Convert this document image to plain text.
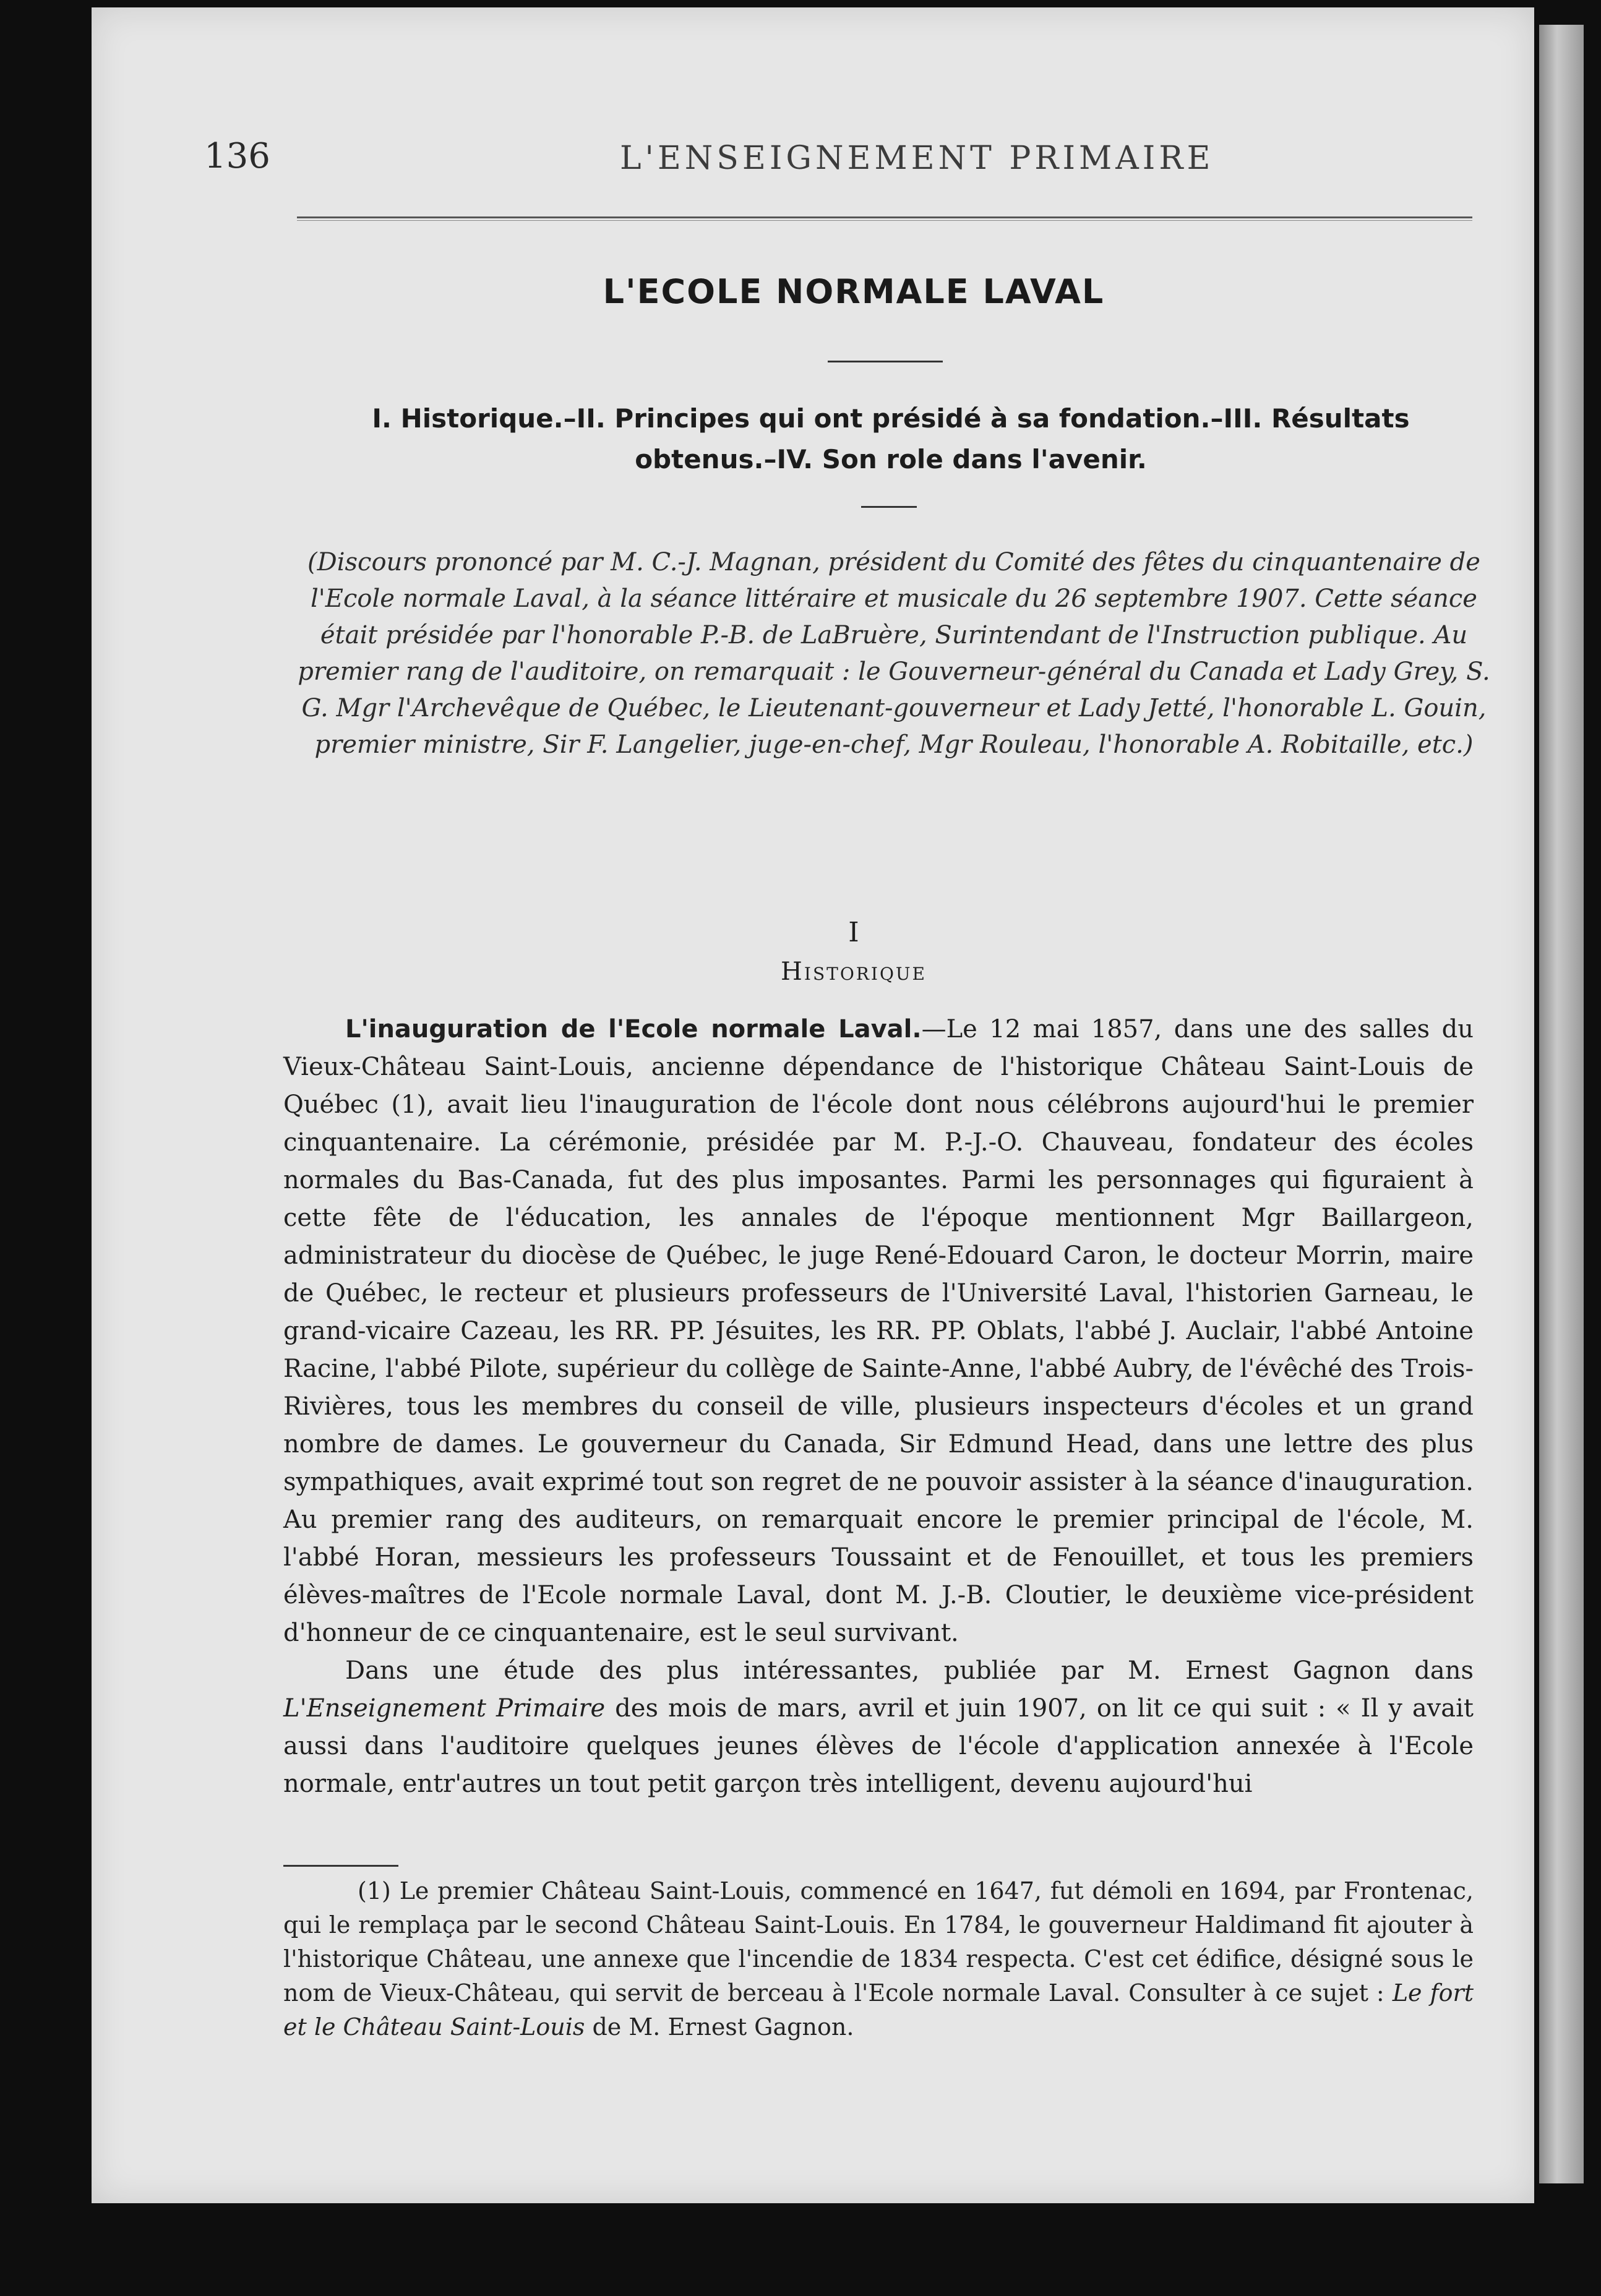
136	L'ENSEIGNEMENT PRIMAIRE
L'ECOLE NORMALE LAVAL
I. Historique.–II. Principes qui ont présidé à sa fondation.–III. Résultats obtenus.–IV. Son role dans l'avenir.
(Discours prononcé par M. C.-J. Magnan, président du Comité des fêtes du cinquantenaire de l'Ecole normale Laval, à la séance littéraire et musicale du 26 septembre 1907. Cette séance était présidée par l'honorable P.-B. de LaBruère, Surintendant de l'Instruction publique. Au premier rang de l'auditoire, on remarquait : le Gouverneur-général du Canada et Lady Grey, S. G. Mgr l'Archevêque de Québec, le Lieutenant-gouverneur et Lady Jetté, l'honorable L. Gouin, premier ministre, Sir F. Langelier, juge-en-chef, Mgr Rouleau, l'honorable A. Robitaille, etc.)
I
Historique

L'inauguration de l'Ecole normale Laval.—Le 12 mai 1857, dans une des salles du Vieux-Château Saint-Louis, ancienne dépendance de l'historique Château Saint-Louis de Québec (1), avait lieu l'inauguration de l'école dont nous célébrons aujourd'hui le premier cinquantenaire. La cérémonie, présidée par M. P.-J.-O. Chauveau, fondateur des écoles normales du Bas-Canada, fut des plus imposantes. Parmi les personnages qui figuraient à cette fête de l'éducation, les annales de l'époque mentionnent Mgr Baillargeon, administrateur du diocèse de Québec, le juge René-Edouard Caron, le docteur Morrin, maire de Québec, le recteur et plusieurs professeurs de l'Université Laval, l'historien Garneau, le grand-vicaire Cazeau, les RR. PP. Jésuites, les RR. PP. Oblats, l'abbé J. Auclair, l'abbé Antoine Racine, l'abbé Pilote, supérieur du collège de Sainte-Anne, l'abbé Aubry, de l'évêché des Trois-Rivières, tous les membres du conseil de ville, plusieurs inspecteurs d'écoles et un grand nombre de dames. Le gouverneur du Canada, Sir Edmund Head, dans une lettre des plus sympathiques, avait exprimé tout son regret de ne pouvoir assister à la séance d'inauguration. Au premier rang des auditeurs, on remarquait encore le premier principal de l'école, M. l'abbé Horan, messieurs les professeurs Toussaint et de Fenouillet, et tous les premiers élèves-maîtres de l'Ecole normale Laval, dont M. J.-B. Cloutier, le deuxième vice-président d'honneur de ce cinquantenaire, est le seul survivant.

Dans une étude des plus intéressantes, publiée par M. Ernest Gagnon dans L'Enseignement Primaire des mois de mars, avril et juin 1907, on lit ce qui suit : « Il y avait aussi dans l'auditoire quelques jeunes élèves de l'école d'application annexée à l'Ecole normale, entr'autres un tout petit garçon très intelligent, devenu aujourd'hui

(1) Le premier Château Saint-Louis, commencé en 1647, fut démoli en 1694, par Frontenac, qui le remplaça par le second Château Saint-Louis. En 1784, le gouverneur Haldimand fit ajouter à l'historique Château, une annexe que l'incendie de 1834 respecta. C'est cet édifice, désigné sous le nom de Vieux-Château, qui servit de berceau à l'Ecole normale Laval. Consulter à ce sujet : Le fort et le Château Saint-Louis de M. Ernest Gagnon.
